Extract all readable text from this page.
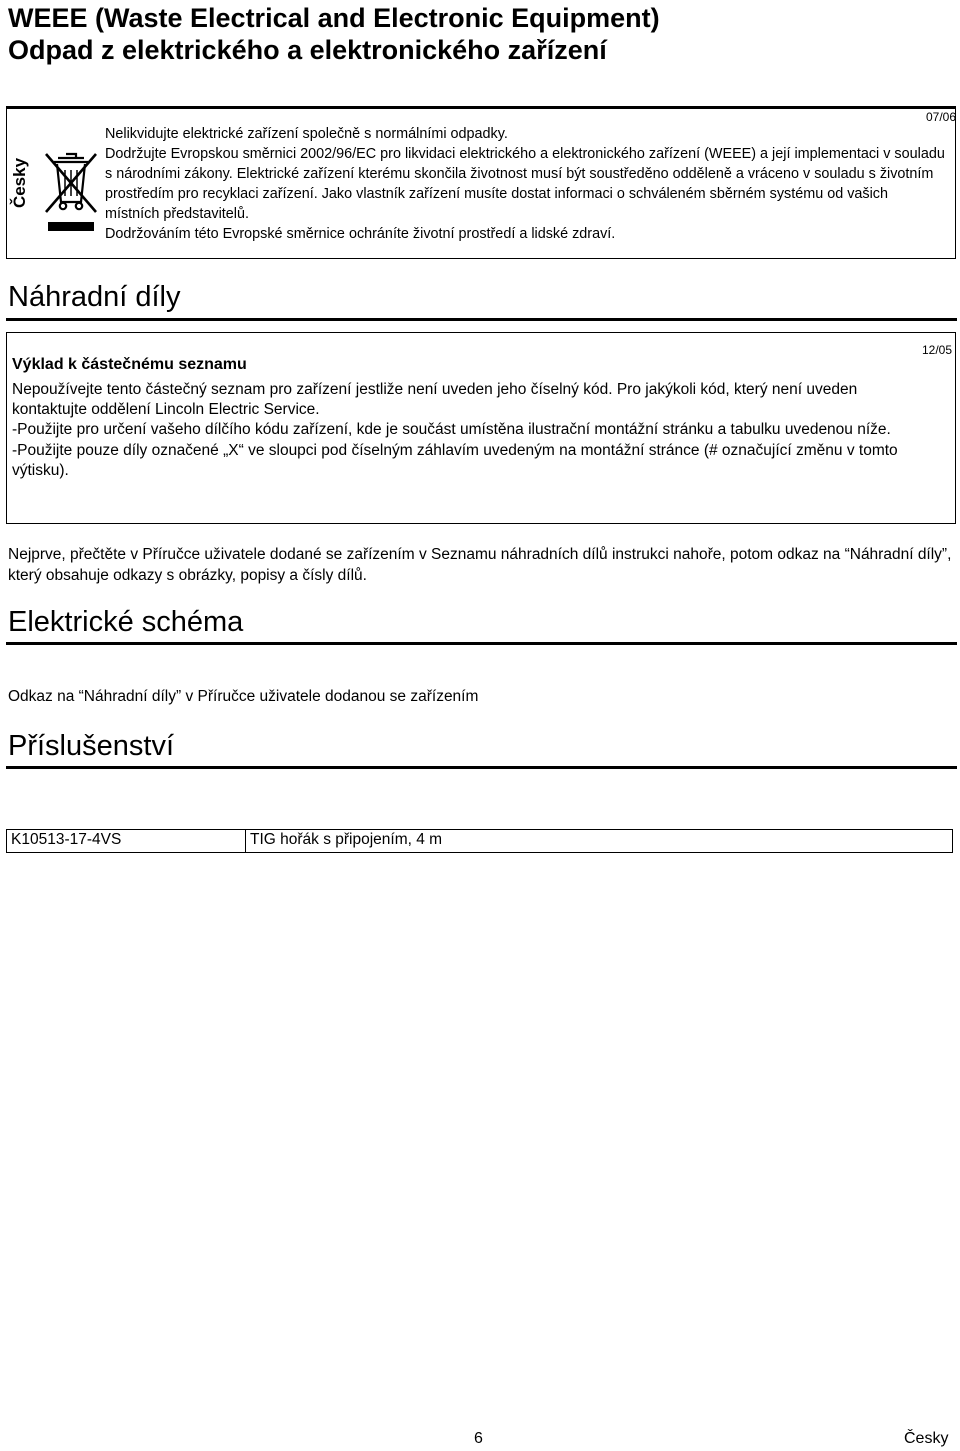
WEEE (Waste Electrical and Electronic Equipment)
Odpad z elektrického a elektronického zařízení
07/06
Česky

Nelikvidujte elektrické zařízení společně s normálními odpadky.

Dodržujte Evropskou směrnici 2002/96/EC pro likvidaci elektrického a elektronického zařízení (WEEE) a její implementaci v souladu s národními zákony. Elektrické zařízení kterému skončila životnost musí být soustředěno odděleně a vráceno v souladu s životním prostředím pro recyklaci zařízení. Jako vlastník zařízení musíte dostat informaci o schváleném sběrném systému od vašich místních představitelů.

Dodržováním této Evropské směrnice ochráníte životní prostředí a lidské zdraví.

Náhradní díly
12/05
Výklad k částečnému seznamu

Nepoužívejte tento částečný seznam pro zařízení jestliže není uveden jeho číselný kód. Pro jakýkoli kód, který není uveden kontaktujte oddělení Lincoln Electric Service.

-Použijte pro určení vašeho dílčího kódu zařízení, kde je součást umístěna ilustrační montážní stránku a tabulku uvedenou níže.

-Použijte pouze díly označené „X“ ve sloupci pod číselným záhlavím uvedeným na montážní stránce (# označující změnu v tomto výtisku).

Nejprve, přečtěte v Příručce uživatele dodané se zařízením v Seznamu náhradních dílů instrukci nahoře, potom odkaz na “Náhradní díly”, který obsahuje odkazy s obrázky, popisy a čísly dílů.

Elektrické schéma
Odkaz na “Náhradní díly” v Příručce uživatele dodanou se zařízením
Příslušenství
K10513-17-4VS	TIG hořák s připojením, 4 m
6	Česky
